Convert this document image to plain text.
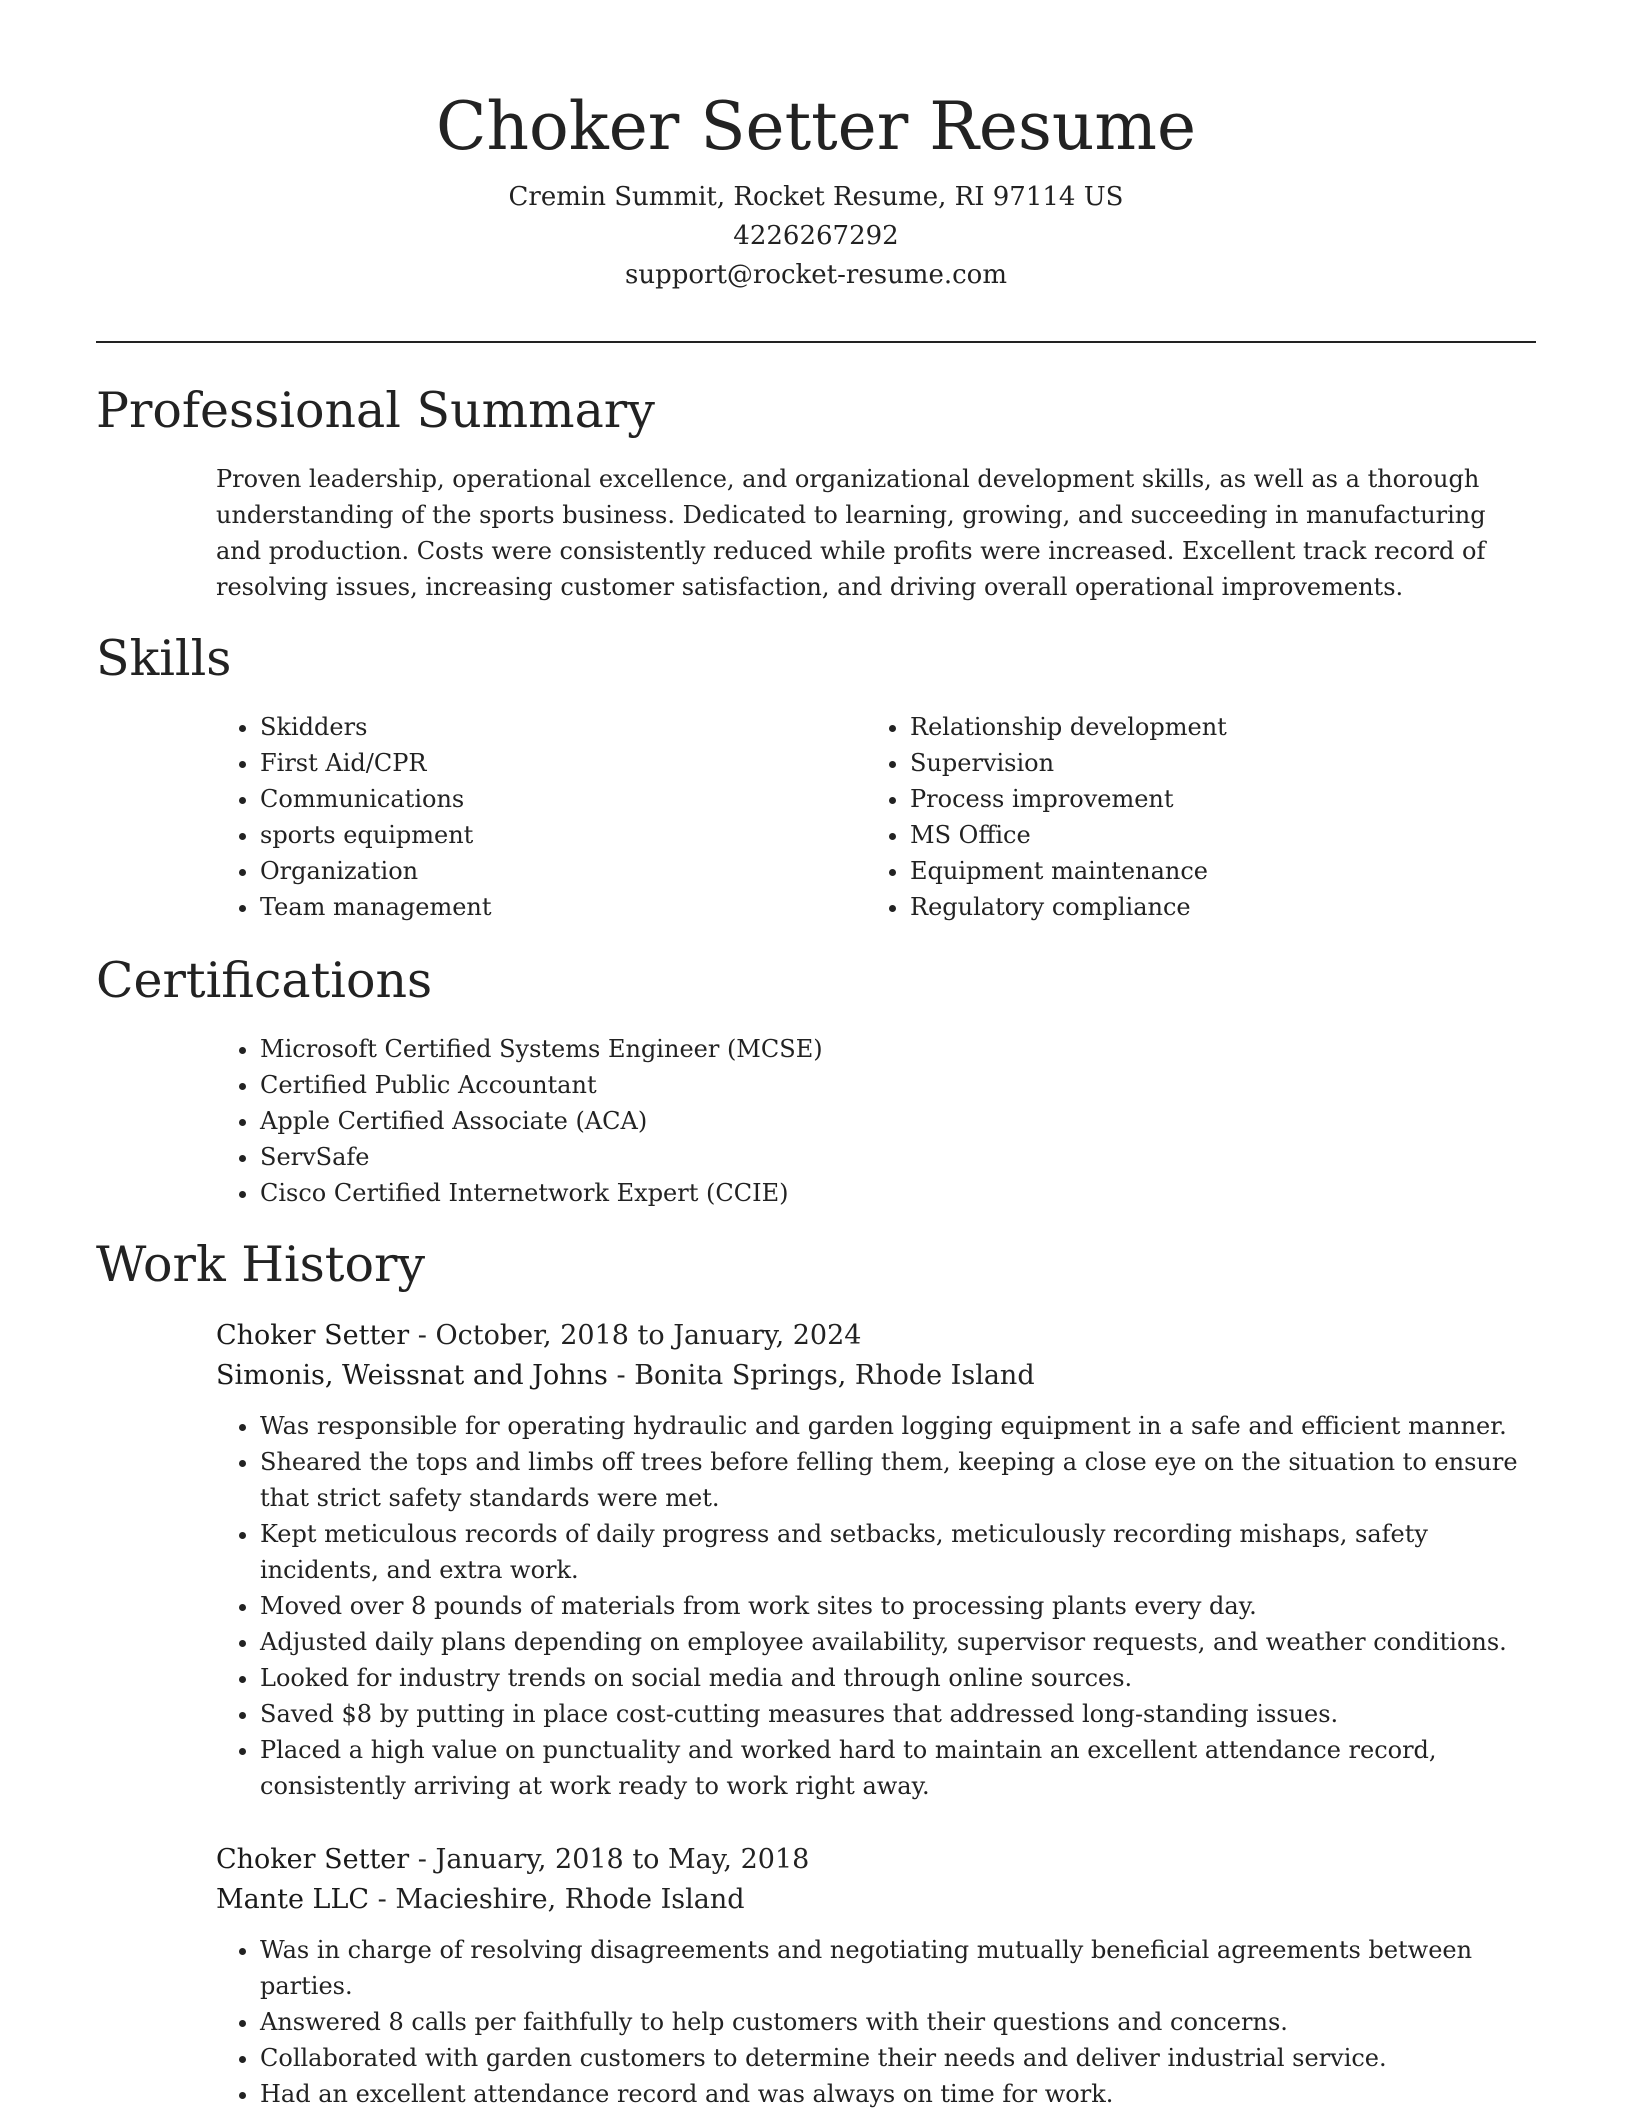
Choker Setter Resume
Cremin Summit, Rocket Resume, RI 97114 US
4226267292
support@rocket-resume.com
Professional Summary
Proven leadership, operational excellence, and organizational development skills, as well as a thorough understanding of the sports business. Dedicated to learning, growing, and succeeding in manufacturing and production. Costs were consistently reduced while profits were increased. Excellent track record of resolving issues, increasing customer satisfaction, and driving overall operational improvements.
Skills
• Skidders
• First Aid/CPR
• Communications
• sports equipment
• Organization
• Team management
• Relationship development
• Supervision
• Process improvement
• MS Office
• Equipment maintenance
• Regulatory compliance
Certifications
• Microsoft Certified Systems Engineer (MCSE)
• Certified Public Accountant
• Apple Certified Associate (ACA)
• ServSafe
• Cisco Certified Internetwork Expert (CCIE)
Work History
Choker Setter - October, 2018 to January, 2024
Simonis, Weissnat and Johns - Bonita Springs, Rhode Island
• Was responsible for operating hydraulic and garden logging equipment in a safe and efficient manner.
• Sheared the tops and limbs off trees before felling them, keeping a close eye on the situation to ensure that strict safety standards were met.
• Kept meticulous records of daily progress and setbacks, meticulously recording mishaps, safety incidents, and extra work.
• Moved over 8 pounds of materials from work sites to processing plants every day.
• Adjusted daily plans depending on employee availability, supervisor requests, and weather conditions.
• Looked for industry trends on social media and through online sources.
• Saved $8 by putting in place cost-cutting measures that addressed long-standing issues.
• Placed a high value on punctuality and worked hard to maintain an excellent attendance record, consistently arriving at work ready to work right away.
Choker Setter - January, 2018 to May, 2018
Mante LLC - Macieshire, Rhode Island
• Was in charge of resolving disagreements and negotiating mutually beneficial agreements between parties.
• Answered 8 calls per faithfully to help customers with their questions and concerns.
• Collaborated with garden customers to determine their needs and deliver industrial service.
• Had an excellent attendance record and was always on time for work.
